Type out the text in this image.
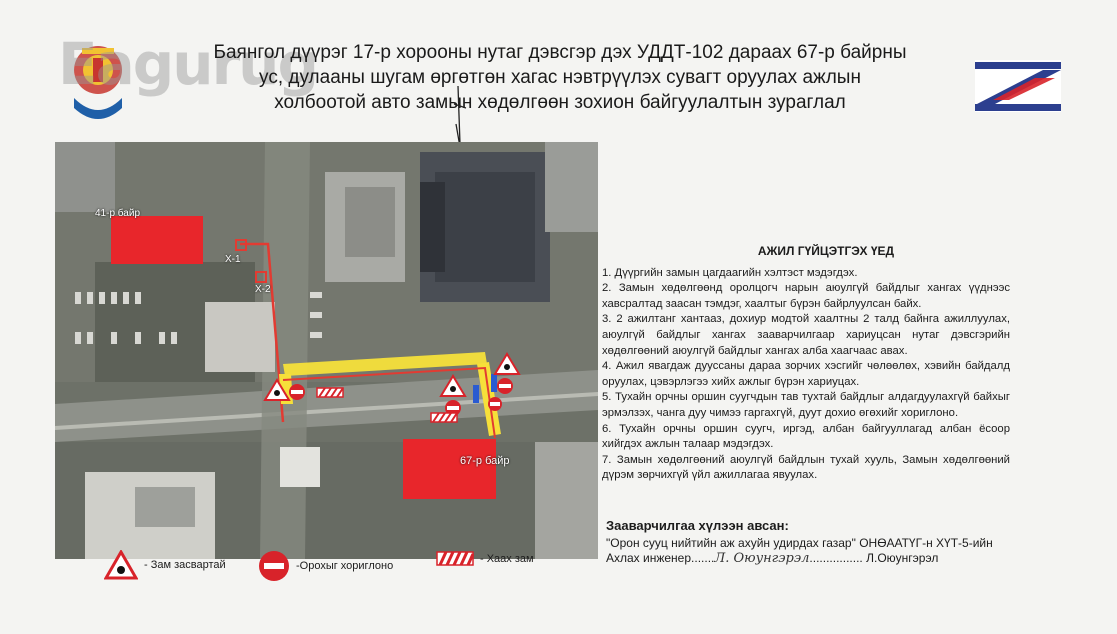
Eagurug
Баянгол дүүрэг 17-р хорооны нутаг дэвсгэр дэх УДДТ-102 дараах 67-р байрны
ус, дулааны шугам өргөтгөн хагас нэвтрүүлэх сувагт оруулах ажлын
холбоотой авто замын хөдөлгөөн зохион байгуулалтын зураглал
41-р байр
Х-1
Х-2
67-р байр
АЖИЛ ГҮЙЦЭТГЭХ ҮЕД

1. Дүүргийн замын цагдаагийн хэлтэст мэдэгдэх.

2. Замын хөдөлгөөнд оролцогч нарын аюулгүй байдлыг хангах үүднээс хавсралтад заасан тэмдэг, хаалтыг бүрэн байрлуулсан байх.

3. 2 ажилтанг хантааз, дохиур модтой хаалтны 2 талд байнга ажиллуулах, аюулгүй байдлыг хангах зааварчилгаар хариуцсан нутаг дэвсгэрийн хөдөлгөөний аюулгүй байдлыг хангах алба хаагчаас авах.

4. Ажил явагдаж дууссаны дараа зорчих хэсгийг чөлөөлөх, хэвийн байдалд оруулах, цэвэрлэгээ хийх ажлыг бүрэн хариуцах.

5. Тухайн орчны оршин суугчдын тав тухтай байдлыг алдагдуулахгүй байхыг эрмэлзэх, чанга дуу чимээ гаргахгүй, дуут дохио өгөхийг хориглоно.

6. Тухайн орчны оршин суугч, иргэд, албан байгууллагад албан ёсоор хийгдэх ажлын талаар мэдэгдэх.

7. Замын хөдөлгөөний аюулгүй байдлын тухай хууль, Замын хөдөлгөөний дүрэм зөрчихгүй үйл ажиллагаа явуулах.

Зааварчилгаа хүлээн авсан:
"Орон сууц нийтийн аж ахуйн удирдах газар" ОНӨААТҮГ-н ХҮТ-5-ийн
Ахлах инженер.......Л. Оюунгэрэл................ Л.Оюунгэрэл
- Зам засвартай	-Орохыг хориглоно
- Хаах зам
